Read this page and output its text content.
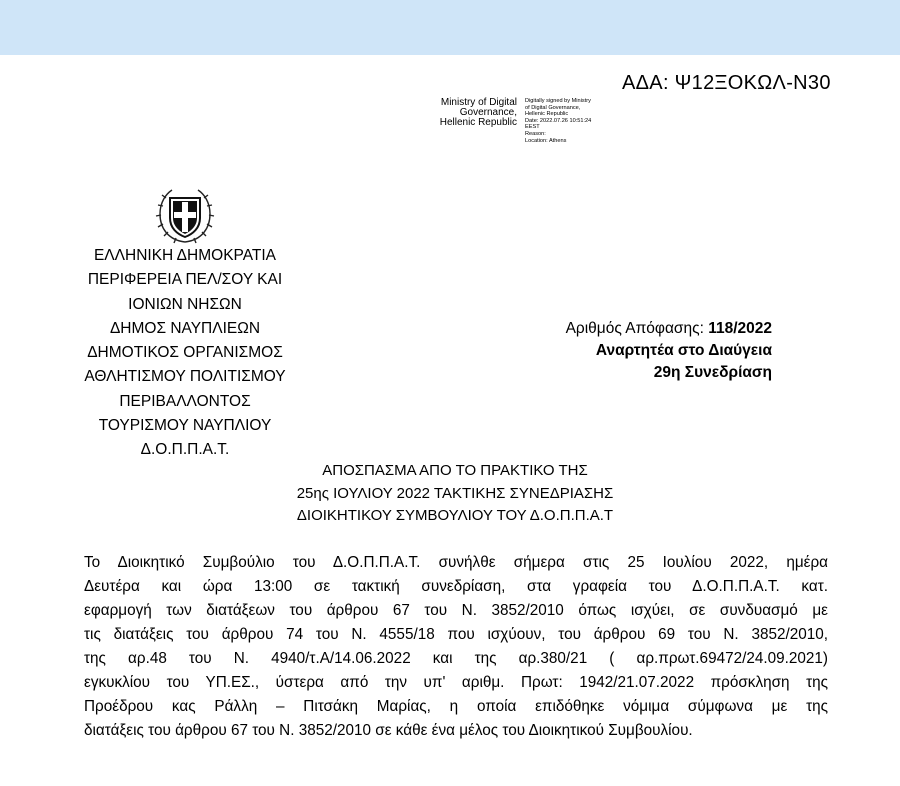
ΑΔΑ: Ψ12ΞΟΚΩΛ-Ν30
Ministry of Digital
Governance,
Hellenic Republic
Digitally signed by Ministry
of Digital Governance,
Hellenic Republic
Date: 2022.07.26 10:51:24
EEST
Reason:
Location: Athens
ΕΛΛΗΝΙΚΗ ΔΗΜΟΚΡΑΤΙΑ
ΠΕΡΙΦΕΡΕΙΑ ΠΕΛ/ΣΟΥ ΚΑΙ
ΙΟΝΙΩΝ ΝΗΣΩΝ
ΔΗΜΟΣ ΝΑΥΠΛΙΕΩΝ
ΔΗΜΟΤΙΚΟΣ ΟΡΓΑΝΙΣΜΟΣ
ΑΘΛΗΤΙΣΜΟΥ ΠΟΛΙΤΙΣΜΟΥ
ΠΕΡΙΒΑΛΛΟΝΤΟΣ
ΤΟΥΡΙΣΜΟΥ ΝΑΥΠΛΙΟΥ
Δ.Ο.Π.Π.Α.Τ.
Αριθμός Απόφασης: 118/2022
Αναρτητέα στο Διαύγεια
29η Συνεδρίαση
ΑΠΟΣΠΑΣΜΑ ΑΠΟ ΤΟ ΠΡΑΚΤΙΚΟ ΤΗΣ
25ης ΙΟΥΛΙΟΥ 2022 ΤΑΚΤΙΚΗΣ ΣΥΝΕΔΡΙΑΣΗΣ
ΔΙΟΙΚΗΤΙΚΟΥ ΣΥΜΒΟΥΛΙΟΥ ΤΟΥ Δ.Ο.Π.Π.Α.Τ
Το Διοικητικό Συμβούλιο του Δ.Ο.Π.Π.Α.Τ. συνήλθε σήμερα στις 25 Ιουλίου 2022, ημέρα
Δευτέρα και ώρα 13:00 σε τακτική συνεδρίαση, στα γραφεία του Δ.Ο.Π.Π.Α.Τ. κατ.
εφαρμογή των διατάξεων του άρθρου 67 του Ν. 3852/2010 όπως ισχύει, σε συνδυασμό με
τις διατάξεις του άρθρου 74 του Ν. 4555/18 που ισχύουν, του άρθρου 69 του Ν. 3852/2010,
της αρ.48 του Ν. 4940/τ.Α/14.06.2022 και της αρ.380/21 ( αρ.πρωτ.69472/24.09.2021)
εγκυκλίου του ΥΠ.ΕΣ., ύστερα από την υπ' αριθμ. Πρωτ: 1942/21.07.2022 πρόσκληση της
Προέδρου κας Ράλλη – Πιτσάκη Μαρίας, η οποία επιδόθηκε νόμιμα σύμφωνα με της
διατάξεις του άρθρου 67 του Ν. 3852/2010 σε κάθε ένα μέλος του Διοικητικού Συμβουλίου.
